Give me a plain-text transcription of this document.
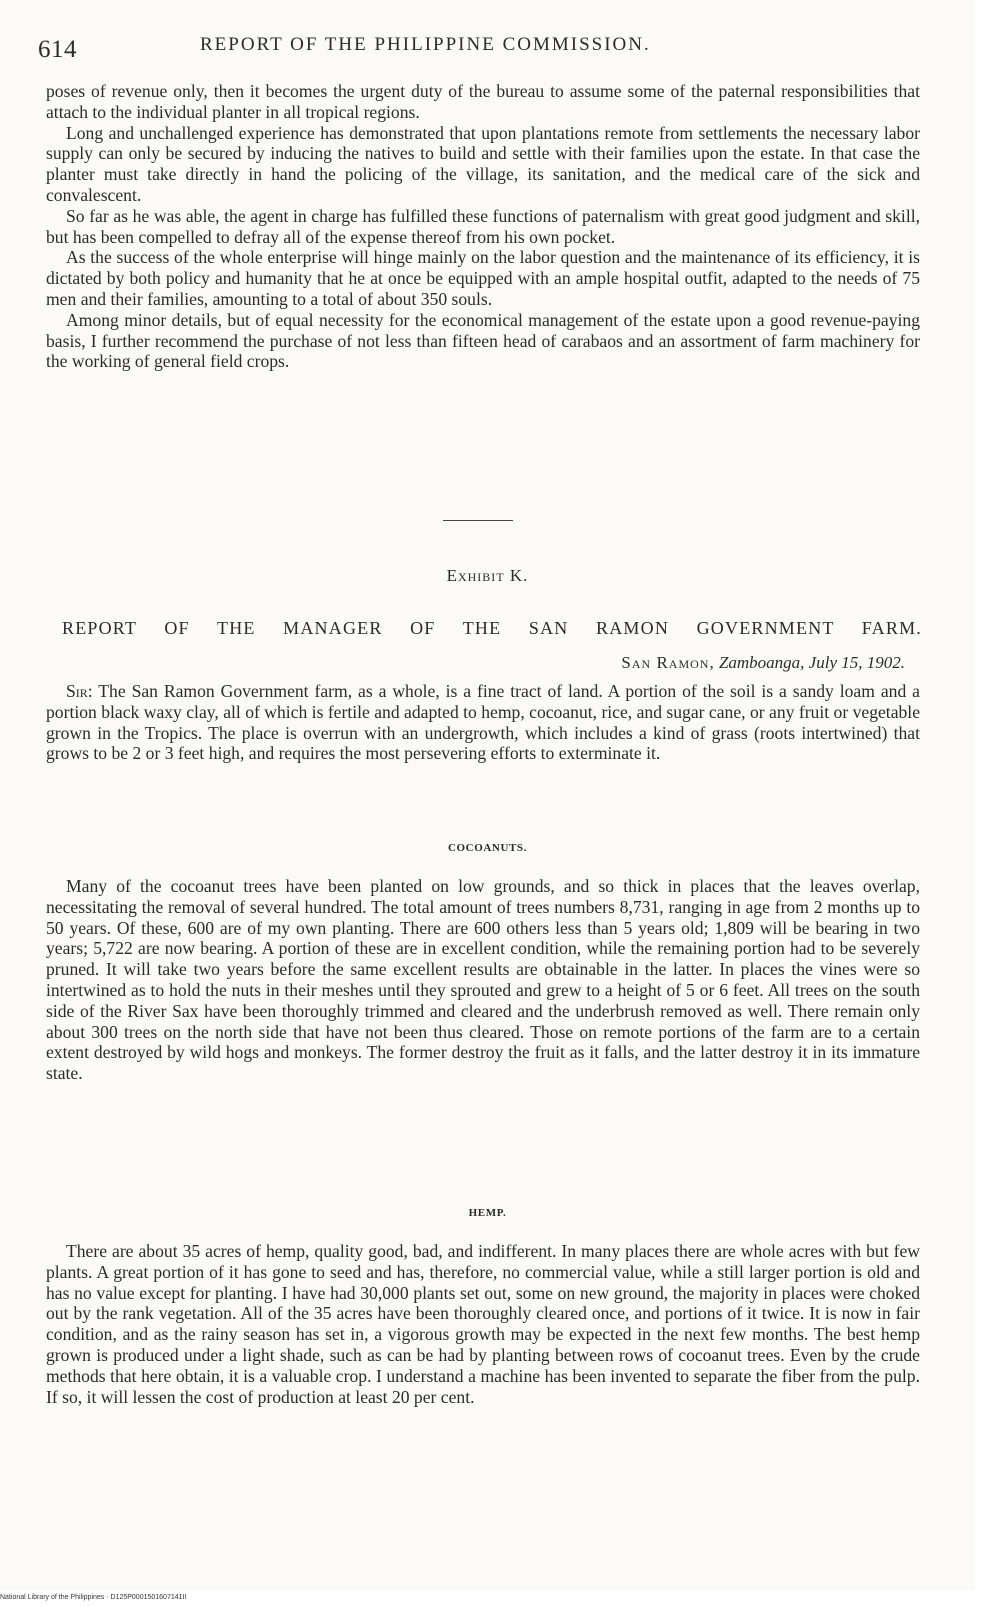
614	REPORT OF THE PHILIPPINE COMMISSION.

poses of revenue only, then it becomes the urgent duty of the bureau to assume some of the paternal responsibilities that attach to the individual planter in all tropical regions.

Long and unchallenged experience has demonstrated that upon plantations remote from settlements the necessary labor supply can only be secured by inducing the natives to build and settle with their families upon the estate. In that case the planter must take directly in hand the policing of the village, its sanitation, and the medical care of the sick and convalescent.

So far as he was able, the agent in charge has fulfilled these functions of paternalism with great good judgment and skill, but has been compelled to defray all of the expense thereof from his own pocket.

As the success of the whole enterprise will hinge mainly on the labor question and the maintenance of its efficiency, it is dictated by both policy and humanity that he at once be equipped with an ample hospital outfit, adapted to the needs of 75 men and their families, amounting to a total of about 350 souls.

Among minor details, but of equal necessity for the economical management of the estate upon a good revenue-paying basis, I further recommend the purchase of not less than fifteen head of carabaos and an assortment of farm machinery for the working of general field crops.

Exhibit K.
REPORT OF THE MANAGER OF THE SAN RAMON GOVERNMENT FARM.
San Ramon, Zamboanga, July 15, 1902.

Sir: The San Ramon Government farm, as a whole, is a fine tract of land. A portion of the soil is a sandy loam and a portion black waxy clay, all of which is fertile and adapted to hemp, cocoanut, rice, and sugar cane, or any fruit or vegetable grown in the Tropics. The place is overrun with an undergrowth, which includes a kind of grass (roots intertwined) that grows to be 2 or 3 feet high, and requires the most persevering efforts to exterminate it.

COCOANUTS.

Many of the cocoanut trees have been planted on low grounds, and so thick in places that the leaves overlap, necessitating the removal of several hundred. The total amount of trees numbers 8,731, ranging in age from 2 months up to 50 years. Of these, 600 are of my own planting. There are 600 others less than 5 years old; 1,809 will be bearing in two years; 5,722 are now bearing. A portion of these are in excellent condition, while the remaining portion had to be severely pruned. It will take two years before the same excellent results are obtainable in the latter. In places the vines were so intertwined as to hold the nuts in their meshes until they sprouted and grew to a height of 5 or 6 feet. All trees on the south side of the River Sax have been thoroughly trimmed and cleared and the underbrush removed as well. There remain only about 300 trees on the north side that have not been thus cleared. Those on remote portions of the farm are to a certain extent destroyed by wild hogs and monkeys. The former destroy the fruit as it falls, and the latter destroy it in its immature state.

HEMP.

There are about 35 acres of hemp, quality good, bad, and indifferent. In many places there are whole acres with but few plants. A great portion of it has gone to seed and has, therefore, no commercial value, while a still larger portion is old and has no value except for planting. I have had 30,000 plants set out, some on new ground, the majority in places were choked out by the rank vegetation. All of the 35 acres have been thoroughly cleared once, and portions of it twice. It is now in fair condition, and as the rainy season has set in, a vigorous growth may be expected in the next few months. The best hemp grown is produced under a light shade, such as can be had by planting between rows of cocoanut trees. Even by the crude methods that here obtain, it is a valuable crop. I understand a machine has been invented to separate the fiber from the pulp. If so, it will lessen the cost of production at least 20 per cent.

National Library of the Philippines · D125P0001501607141II
